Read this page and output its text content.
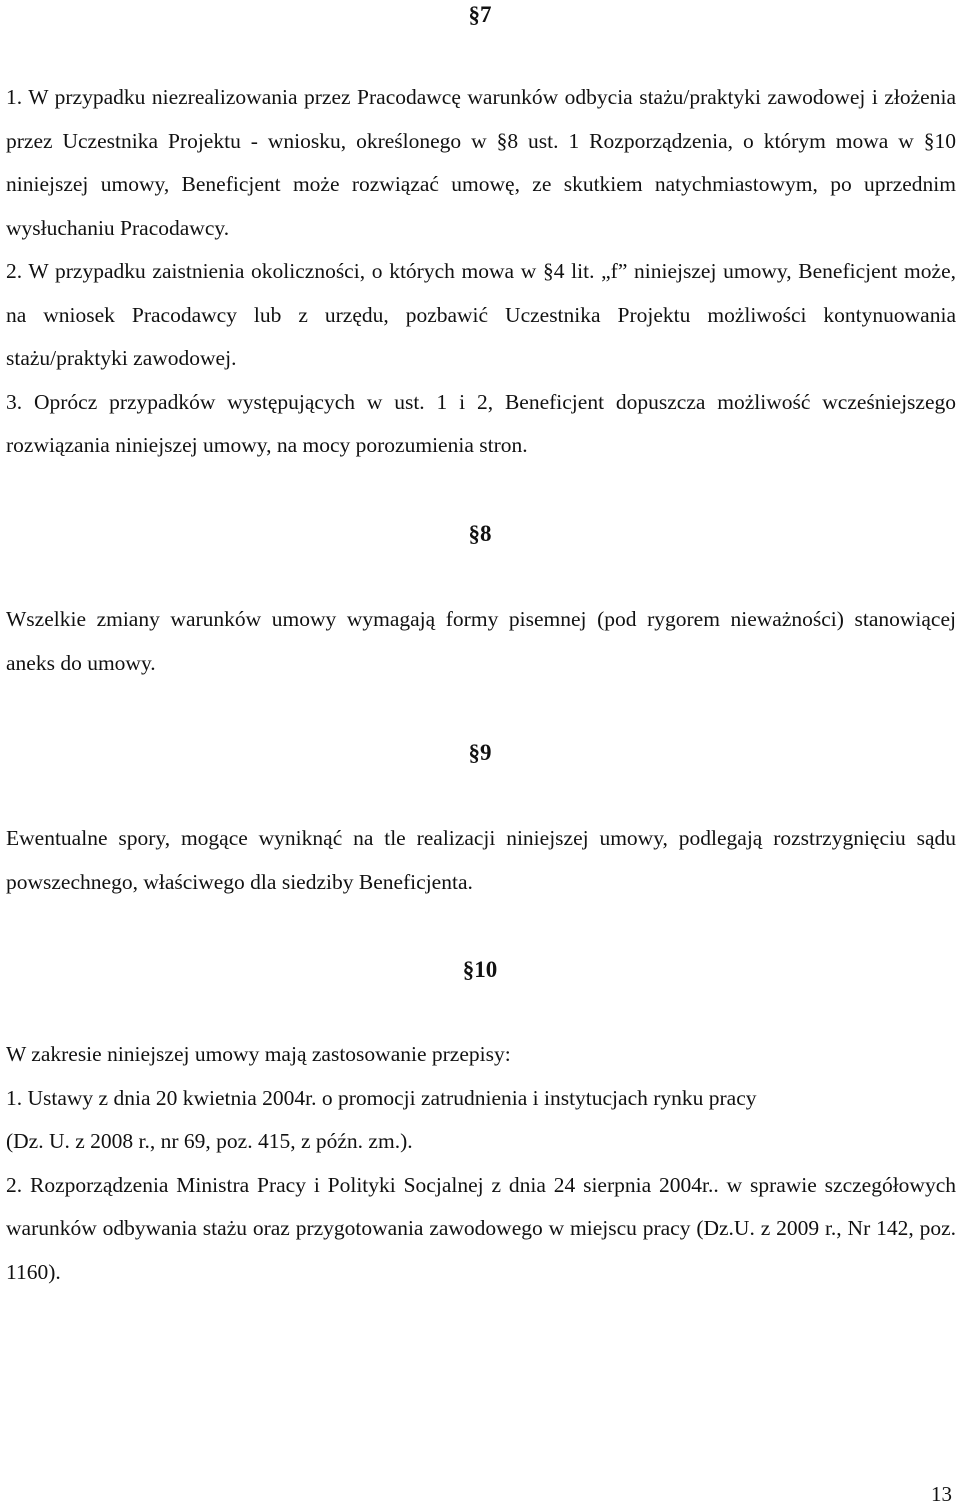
§7

1. W przypadku niezrealizowania przez Pracodawcę warunków odbycia stażu/praktyki zawodowej i złożenia przez Uczestnika Projektu - wniosku, określonego w §8 ust. 1 Rozporządzenia, o którym mowa w §10 niniejszej umowy, Beneficjent może rozwiązać umowę, ze skutkiem natychmiastowym, po uprzednim wysłuchaniu Pracodawcy.

2. W przypadku zaistnienia okoliczności, o których mowa w §4 lit. „f” niniejszej umowy, Beneficjent może, na wniosek Pracodawcy lub z urzędu, pozbawić Uczestnika Projektu możliwości kontynuowania stażu/praktyki zawodowej.

3. Oprócz przypadków występujących w ust. 1 i 2, Beneficjent dopuszcza możliwość wcześniejszego rozwiązania niniejszej umowy, na mocy porozumienia stron.

§8

Wszelkie zmiany warunków umowy wymagają formy pisemnej (pod rygorem nieważności) stanowiącej aneks do umowy.

§9

Ewentualne spory, mogące wyniknąć na tle realizacji niniejszej umowy, podlegają rozstrzygnięciu sądu powszechnego, właściwego dla siedziby Beneficjenta.

§10

W zakresie niniejszej umowy mają zastosowanie przepisy:

1. Ustawy z dnia 20 kwietnia 2004r. o promocji zatrudnienia i instytucjach rynku pracy

(Dz. U. z 2008 r., nr 69, poz. 415, z późn. zm.).

2. Rozporządzenia Ministra Pracy i Polityki Socjalnej z dnia 24 sierpnia 2004r.. w sprawie szczegółowych warunków odbywania stażu oraz przygotowania zawodowego w miejscu pracy (Dz.U. z 2009 r., Nr 142, poz. 1160).

13
